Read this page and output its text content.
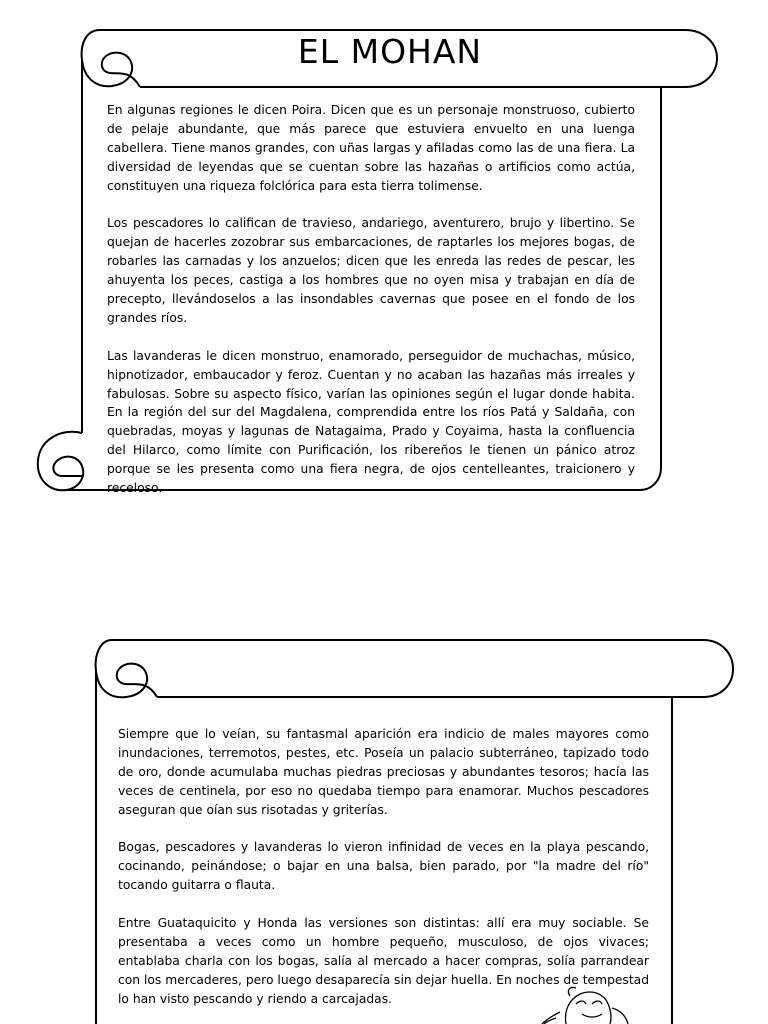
EL MOHAN

En algunas regiones le dicen Poira. Dicen que es un personaje monstruoso, cubierto de pelaje abundante, que más parece que estuviera envuelto en una luenga cabellera. Tiene manos grandes, con uñas largas y afiladas como las de una fiera. La diversidad de leyendas que se cuentan sobre las hazañas o artificios como actúa, constituyen una riqueza folclórica para esta tierra tolimense.

Los pescadores lo califican de travieso, andariego, aventurero, brujo y libertino. Se quejan de hacerles zozobrar sus embarcaciones, de raptarles los mejores bogas, de robarles las carnadas y los anzuelos; dicen que les enreda las redes de pescar, les ahuyenta los peces, castiga a los hombres que no oyen misa y trabajan en día de precepto, llevándoselos a las insondables cavernas que posee en el fondo de los grandes ríos.

Las lavanderas le dicen monstruo, enamorado, perseguidor de muchachas, músico, hipnotizador, embaucador y feroz. Cuentan y no acaban las hazañas más irreales y fabulosas. Sobre su aspecto físico, varían las opiniones según el lugar donde habita. En la región del sur del Magdalena, comprendida entre los ríos Patá y Saldaña, con quebradas, moyas y lagunas de Natagaima, Prado y Coyaima, hasta la confluencia del Hilarco, como límite con Purificación, los ribereños le tienen un pánico atroz porque se les presenta como una fiera negra, de ojos centelleantes, traicionero y receloso.

Siempre que lo veían, su fantasmal aparición era indicio de males mayores como inundaciones, terremotos, pestes, etc. Poseía un palacio subterráneo, tapizado todo de oro, donde acumulaba muchas piedras preciosas y abundantes tesoros; hacía las veces de centinela, por eso no quedaba tiempo para enamorar. Muchos pescadores aseguran que oían sus risotadas y griterías.

Bogas, pescadores y lavanderas lo vieron infinidad de veces en la playa pescando, cocinando, peinándose; o bajar en una balsa, bien parado, por "la madre del río" tocando guitarra o flauta.

Entre Guataquicito y Honda las versiones son distintas: allí era muy sociable. Se presentaba a veces como un hombre pequeño, musculoso, de ojos vivaces; entablaba charla con los bogas, salía al mercado a hacer compras, solía parrandear con los mercaderes, pero luego desaparecía sin dejar huella. En noches de tempestad lo han visto pescando y riendo a carcajadas.
